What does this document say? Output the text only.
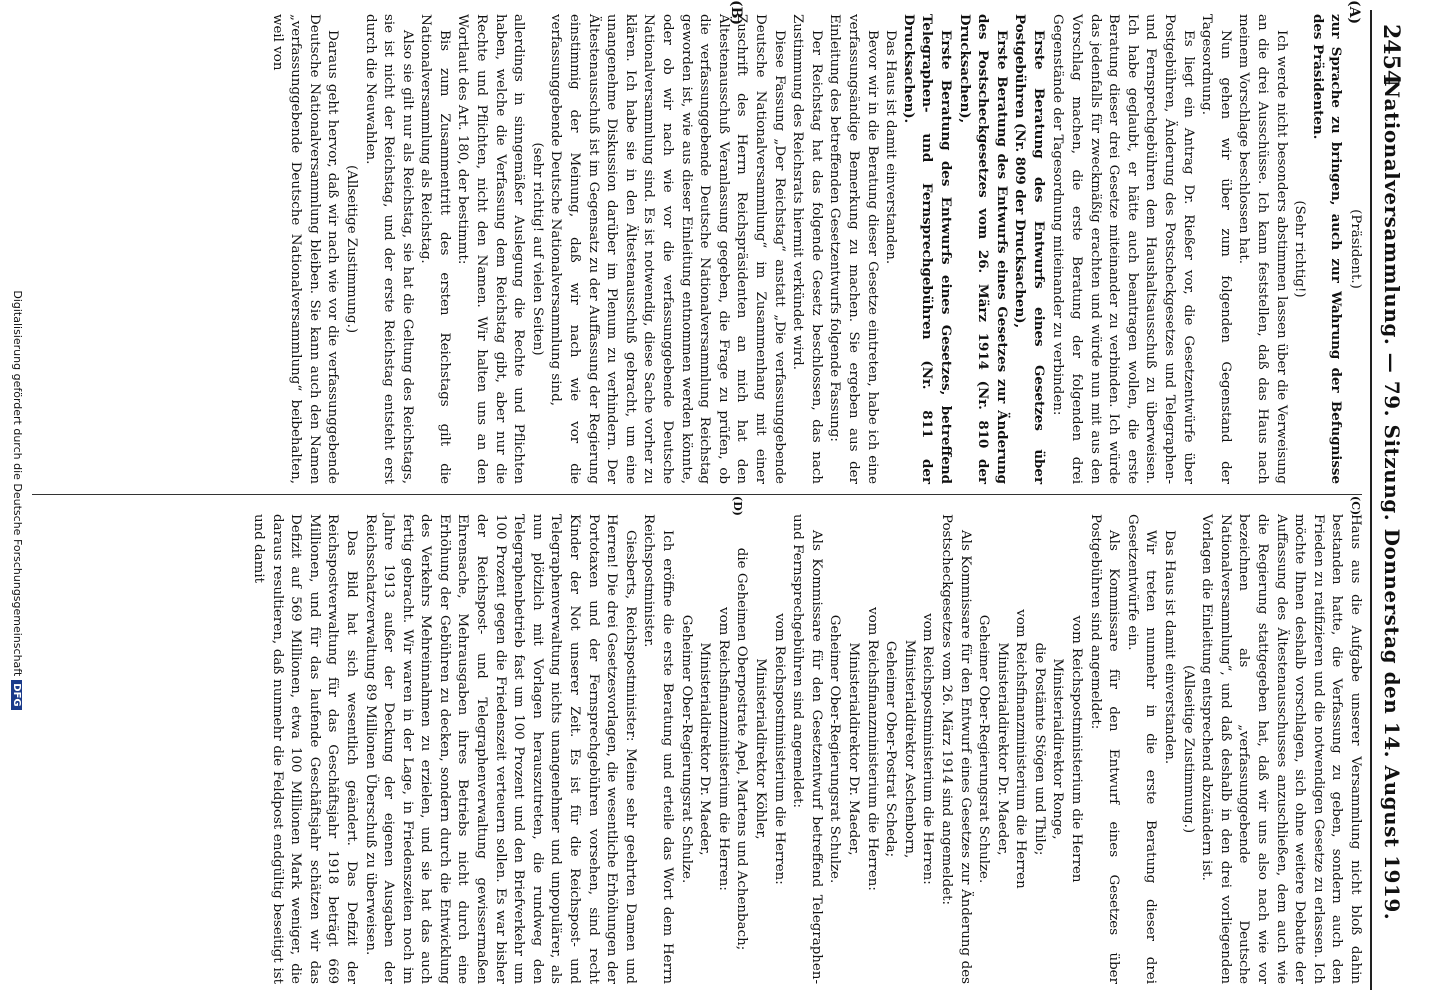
Nationalversammlung. — 79. Sitzung. Donnerstag den 14. August 1919.
2454
(A)
(B)
(C)
(D)

(Präsident.)

zur Sprache zu bringen, auch zur Wahrung der Befugnisse des Präsidenten.

(Sehr richtig!)

Ich werde nicht besonders abstimmen lassen über die Verweisung an die drei Ausschüsse. Ich kann feststellen, daß das Haus nach meinem Vorschlage beschlossen hat.

Nun gehen wir über zum folgenden Gegenstand der Tagesordnung.

Es liegt ein Antrag Dr. Rießer vor, die Gesetzentwürfe über Postgebühren, Änderung des Postscheckgesetzes und Telegraphen- und Fernsprechgebühren dem Haushaltsausschuß zu überweisen. Ich habe geglaubt, er hätte auch beantragen wollen, die erste Beratung dieser drei Gesetze miteinander zu verbinden. Ich würde das jedenfalls für zweckmäßig erachten und würde nun mit aus den Vorschlag machen, die erste Beratung der folgenden drei Gegenstände der Tagesordnung miteinander zu verbinden:

Erste Beratung des Entwurfs eines Gesetzes über Postgebühren (Nr. 809 der Drucksachen),

Erste Beratung des Entwurfs eines Gesetzes zur Änderung des Postscheckgesetzes vom 26. März 1914 (Nr. 810 der Drucksachen),

Erste Beratung des Entwurfs eines Gesetzes, betreffend Telegraphen- und Fernsprechgebühren (Nr. 811 der Drucksachen).

Das Haus ist damit einverstanden.

Bevor wir in die Beratung dieser Gesetze eintreten, habe ich eine verfassungsändige Bemerkung zu machen. Sie ergeben aus der Einleitung des betreffenden Gesetzentwurfs folgende Fassung:

Der Reichstag hat das folgende Gesetz beschlossen, das nach Zustimmung des Reichsrats hiermit verkündet wird.

Diese Fassung „Der Reichstag“ anstatt „Die verfassunggebende Deutsche Nationalversammlung“ im Zusammenhang mit einer Zuschrift des Herrn Reichspräsidenten an mich hat den Ältestenausschuß Veranlassung gegeben, die Frage zu prüfen, ob die verfassunggebende Deutsche Nationalversammlung Reichstag geworden ist, wie aus dieser Einleitung entnommen werden könnte, oder ob wir nach wie vor die verfassunggebende Deutsche Nationalversammlung sind. Es ist notwendig, diese Sache vorher zu klären. Ich habe sie in den Ältestenausschuß gebracht, um eine unangenehme Diskussion darüber im Plenum zu verhindern. Der Ältestenausschuß ist im Gegensatz zu der Auffassung der Regierung einstimmig der Meinung, daß wir nach wie vor die verfassunggebende Deutsche Nationalversammlung sind,

(sehr richtig! auf vielen Seiten)

allerdings in sinngemäßer Auslegung die Rechte und Pflichten haben, welche die Verfassung dem Reichstag gibt, aber nur die Rechte und Pflichten, nicht den Namen. Wir halten uns an den Wortlaut des Art. 180, der bestimmt:

Bis zum Zusammentritt des ersten Reichstags gilt die Nationalversammlung als Reichstag.

Also sie gilt nur als Reichstag, sie hat die Geltung des Reichstags, sie ist nicht der Reichstag, und der erste Reichstag entsteht erst durch die Neuwahlen.

(Allseitige Zustimmung.)

Daraus geht hervor, daß wir nach wie vor die verfassunggebende Deutsche Nationalversammlung bleiben. Sie kann auch den Namen „verfassunggebende Deutsche Nationalversammlung“ beibehalten, weil von

Haus aus die Aufgabe unserer Versammlung nicht bloß dahin bestanden hatte, die Verfassung zu geben, sondern auch den Frieden zu ratifizieren und die notwendigen Gesetze zu erlassen. Ich möchte Ihnen deshalb vorschlagen, sich ohne weitere Debatte der Auffassung des Ältestenausschusses anzuschließen, dem auch wie die Regierung stattgegeben hat, daß wir uns also nach wie vor bezeichnen als „verfassunggebende Deutsche Nationalversammlung“, und daß deshalb in den drei vorliegenden Vorlagen die Einleitung entsprechend abzuändern ist.

(Allseitige Zustimmung.)

Das Haus ist damit einverstanden.

Wir treten nunmehr in die erste Beratung dieser drei Gesetzentwürfe ein.

Als Kommissare für den Entwurf eines Gesetzes über Postgebühren sind angemeldet:

vom Reichspostministerium die Herren

Ministerialdirektor Ronge,

die Postämte Stögen und Thilo;

vom Reichsfinanzministerium die Herren

Ministerialdirektor Dr. Maeder,

Geheimer Ober-Regierungsrat Schulze.

Als Kommissare für den Entwurf eines Gesetzes zur Änderung des Postscheckgesetzes vom 26. März 1914 sind angemeldet:

vom Reichspostministerium die Herren:

Ministerialdirektor Aschenborn,

Geheimer Ober-Postrat Scheda;

vom Reichsfinanzministerium die Herren:

Ministerialdirektor Dr. Maeder,

Geheimer Ober-Regierungsrat Schulze.

Als Kommissare für den Gesetzentwurf betreffend Telegraphen- und Fernsprechgebühren sind angemeldet:

vom Reichspostministerium die Herren:

Ministerialdirektor Köhler,

die Geheimen Oberpostrate Apel, Martens und Achenbach;

vom Reichsfinanzministerium die Herren:

Ministerialdirektor Dr. Maeder,

Geheimer Ober-Regierungsrat Schulze.

Ich eröffne die erste Beratung und erteile das Wort dem Herrn Reichspostminister.

Giesberts, Reichspostminister: Meine sehr geehrten Damen und Herren! Die drei Gesetzesvorlagen, die wesentliche Erhöhungen der Portotaxen und der Fernsprechgebühren vorsehen, sind recht Kinder der Not unserer Zeit. Es ist für die Reichspost- und Telegraphenverwaltung nichts unangenehmer und unpopulärer, als nun plötzlich mit Vorlagen herauszutreten, die rundweg den Telegraphenbetrieb fast um 100 Prozent und den Briefverkehr um 100 Prozent gegen die Friedenszeit verteuern sollen. Es war bisher der Reichspost- und Telegraphenverwaltung gewissermaßen Ehrensache, Mehrausgaben ihres Betriebs nicht durch eine Erhöhung der Gebühren zu decken, sondern durch die Entwicklung des Verkehrs Mehreinnahmen zu erzielen, und sie hat das auch fertig gebracht. Wir waren in der Lage, in Friedenszeiten noch im Jahre 1913 außer der Deckung der eigenen Ausgaben der Reichsschatzverwaltung 89 Millionen Überschuß zu überweisen.

Das Bild hat sich wesentlich geändert. Das Defizit der Reichspostverwaltung für das Geschäftsjahr 1918 beträgt 669 Millionen, und für das laufende Geschäftsjahr schätzen wir das Defizit auf 569 Millionen, etwa 100 Millionen Mark weniger, die daraus resultieren, daß nunmehr die Feldpost endgültig beseitigt ist und damit

Digitalisierung gefördert durch die Deutsche ForschungsgemeinschaftDFG
